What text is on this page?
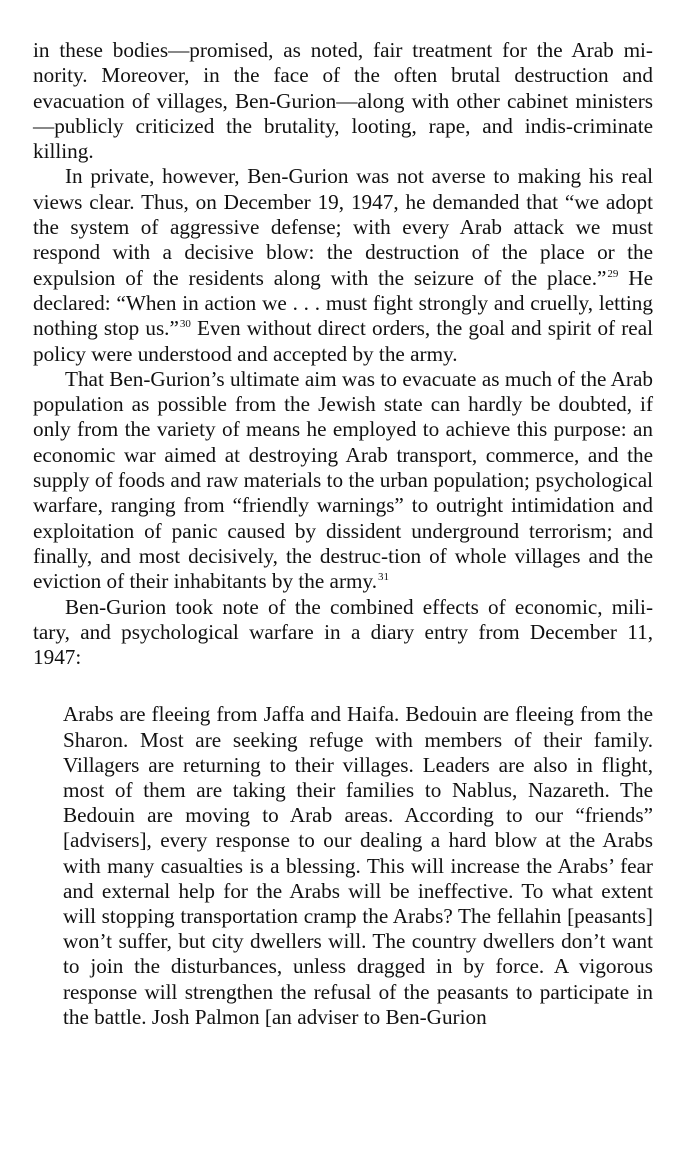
in these bodies—promised, as noted, fair treatment for the Arab mi-nority. Moreover, in the face of the often brutal destruction and evacuation of villages, Ben-Gurion—along with other cabinet ministers—publicly criticized the brutality, looting, rape, and indis-criminate killing.

In private, however, Ben-Gurion was not averse to making his real views clear. Thus, on December 19, 1947, he demanded that “we adopt the system of aggressive defense; with every Arab attack we must respond with a decisive blow: the destruction of the place or the expulsion of the residents along with the seizure of the place.”$^{29}$ He declared: “When in action we . . . must fight strongly and cruelly, letting nothing stop us.”$^{30}$ Even without direct orders, the goal and spirit of real policy were understood and accepted by the army.

That Ben-Gurion’s ultimate aim was to evacuate as much of the Arab population as possible from the Jewish state can hardly be doubted, if only from the variety of means he employed to achieve this purpose: an economic war aimed at destroying Arab transport, commerce, and the supply of foods and raw materials to the urban population; psychological warfare, ranging from “friendly warnings” to outright intimidation and exploitation of panic caused by dissident underground terrorism; and finally, and most decisively, the destruc-tion of whole villages and the eviction of their inhabitants by the army.$^{31}$

Ben-Gurion took note of the combined effects of economic, mili-tary, and psychological warfare in a diary entry from December 11, 1947:

Arabs are fleeing from Jaffa and Haifa. Bedouin are fleeing from the Sharon. Most are seeking refuge with members of their family. Villagers are returning to their villages. Leaders are also in flight, most of them are taking their families to Nablus, Nazareth. The Bedouin are moving to Arab areas. According to our “friends” [advisers], every response to our dealing a hard blow at the Arabs with many casualties is a blessing. This will increase the Arabs’ fear and external help for the Arabs will be ineffective. To what extent will stopping transportation cramp the Arabs? The fellahin [peasants] won’t suffer, but city dwellers will. The country dwellers don’t want to join the disturbances, unless dragged in by force. A vigorous response will strengthen the refusal of the peasants to participate in the battle. Josh Palmon [an adviser to Ben-Gurion
